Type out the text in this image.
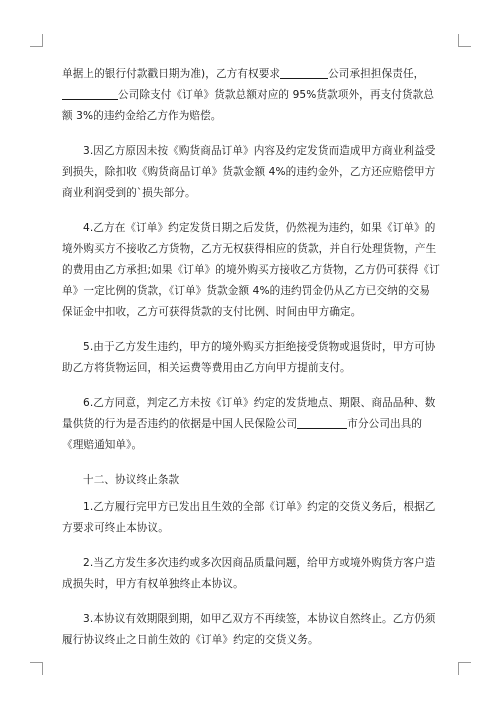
单据上的银行付款戳日期为准)，乙方有权要求	公司承担担保责任，公司除支付《订单》货款总额对应的 95%货款项外，再支付货款总额 3%的违约金给乙方作为赔偿。

3.因乙方原因未按《购货商品订单》内容及约定发货而造成甲方商业利益受到损失，除扣收《购货商品订单》货款金额 4%的违约金外，乙方还应赔偿甲方商业利润受到的`损失部分。

4.乙方在《订单》约定发货日期之后发货，仍然视为违约，如果《订单》的境外购买方不接收乙方货物，乙方无权获得相应的货款，并自行处理货物，产生的费用由乙方承担;如果《订单》的境外购买方接收乙方货物，乙方仍可获得《订单》一定比例的货款，《订单》货款金额 4%的违约罚金仍从乙方已交纳的交易保证金中扣收，乙方可获得货款的支付比例、时间由甲方确定。

5.由于乙方发生违约，甲方的境外购买方拒绝接受货物或退货时，甲方可协助乙方将货物运回，相关运费等费用由乙方向甲方提前支付。

6.乙方同意，判定乙方未按《订单》约定的发货地点、期限、商品品种、数量供货的行为是否违约的依据是中国人民保险公司	市分公司出具的《理赔通知单》。

十二、协议终止条款

1.乙方履行完甲方已发出且生效的全部《订单》约定的交货义务后，根据乙方要求可终止本协议。

2.当乙方发生多次违约或多次因商品质量问题，给甲方或境外购货方客户造成损失时，甲方有权单独终止本协议。

3.本协议有效期限到期，如甲乙双方不再续签，本协议自然终止。乙方仍须履行协议终止之日前生效的《订单》约定的交货义务。
